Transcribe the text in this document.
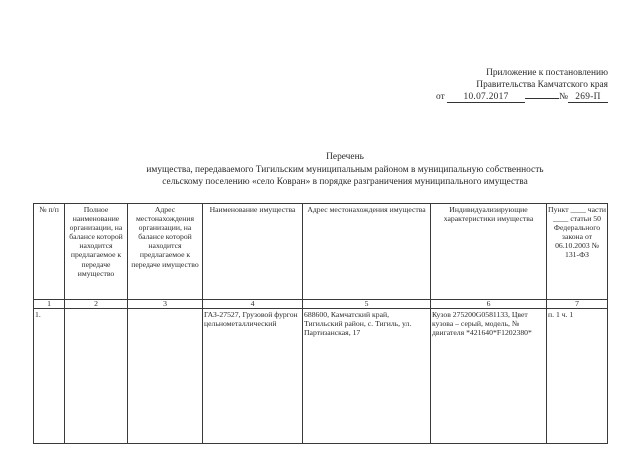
Приложение к постановлению
Правительства Камчатского края
от 10.07.2017	№ 269-П
Перечень
имущества, передаваемого Тигильским муниципальным районом в муниципальную собственность
сельскому поселению «село Ковран» в порядке разграничения муниципального имущества
№ п/п	Полное наименование организации, на балансе которой находится предлагаемое к передаче имущество	Адрес местонахождения организации, на балансе которой находится предлагаемое к передаче имущество	Наименование имущества	Адрес местонахождения имущества	Индивидуализирующие характеристики имущества	Пункт ____ части ____ статьи 50 Федерального закона от 06.10.2003 № 131-ФЗ
1	2	3	4	5	6	7
1.			ГАЗ-27527, Грузовой фургон цельнометаллический	688600, Камчатский край, Тигильский район, с. Тигиль, ул. Партизанская, 17	Кузов 275200G0581133, Цвет кузова – серый, модель, № двигателя *421640*F1202380*	п. 1 ч. 1
